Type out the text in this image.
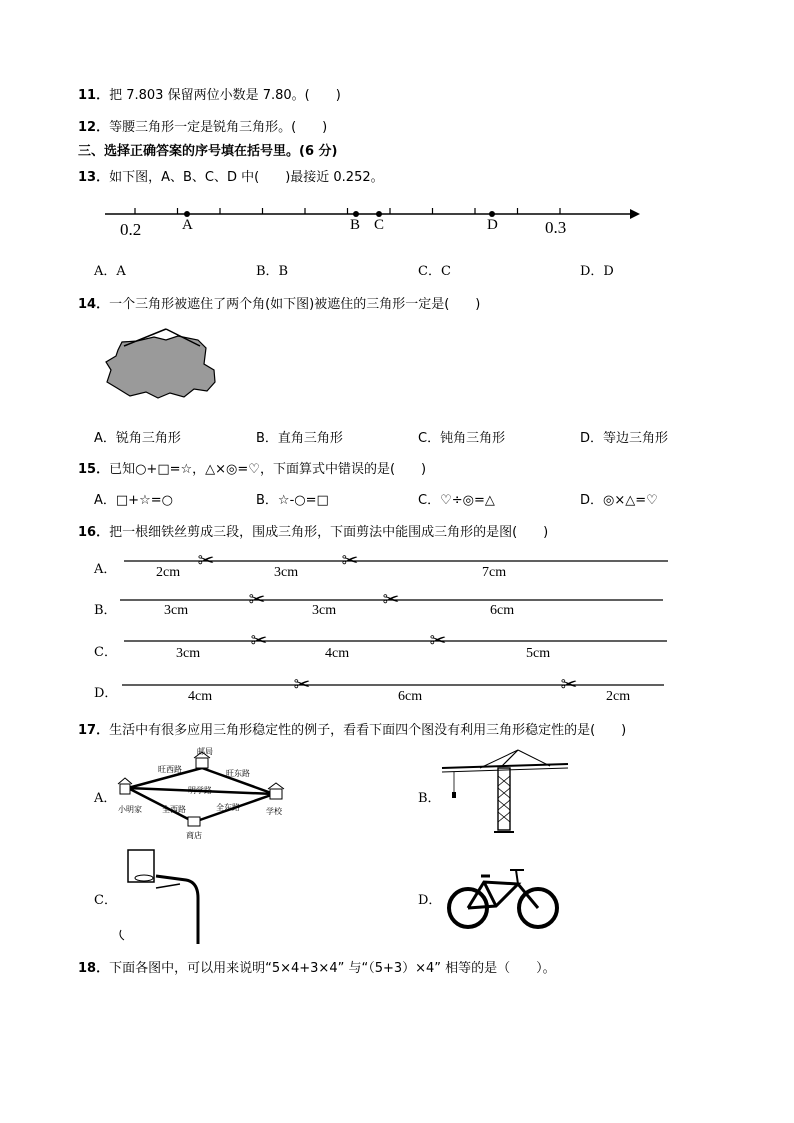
11．把 7.803 保留两位小数是 7.80。(　　)
12．等腰三角形一定是锐角三角形。(　　)
三、选择正确答案的序号填在括号里。(6 分)
13．如下图，A、B、C、D 中(　　)最接近 0.252。
0.2	A	B C	D	0.3
A．A	B．B	C．C	D．D
14．一个三角形被遮住了两个角(如下图)被遮住的三角形一定是(　　)
A．锐角三角形	B．直角三角形	C．钝角三角形	D．等边三角形
15．已知○+□=☆，△×◎=♡，下面算式中错误的是(　　)
A．□+☆=○	B．☆-○=□	C．♡÷◎=△	D．◎×△=♡
16．把一根细铁丝剪成三段，围成三角形，下面剪法中能围成三角形的是图(　　)
A．	✂	✂
2cm	3cm	7cm
B．	✂	✂
3cm	3cm	6cm
C．
✂	✂
3cm	4cm	5cm
D．	✂	✂
4cm	6cm	2cm
17．生活中有很多应用三角形稳定性的例子，看看下面四个图没有利用三角形稳定性的是(　　)
A．
邮局
旺西路	旺东路
明学路
小明家	全西路	全东路	学校
商店
B．
C．	D．
18．下面各图中，可以用来说明“5×4+3×4” 与“（5+3）×4” 相等的是（　　）。
